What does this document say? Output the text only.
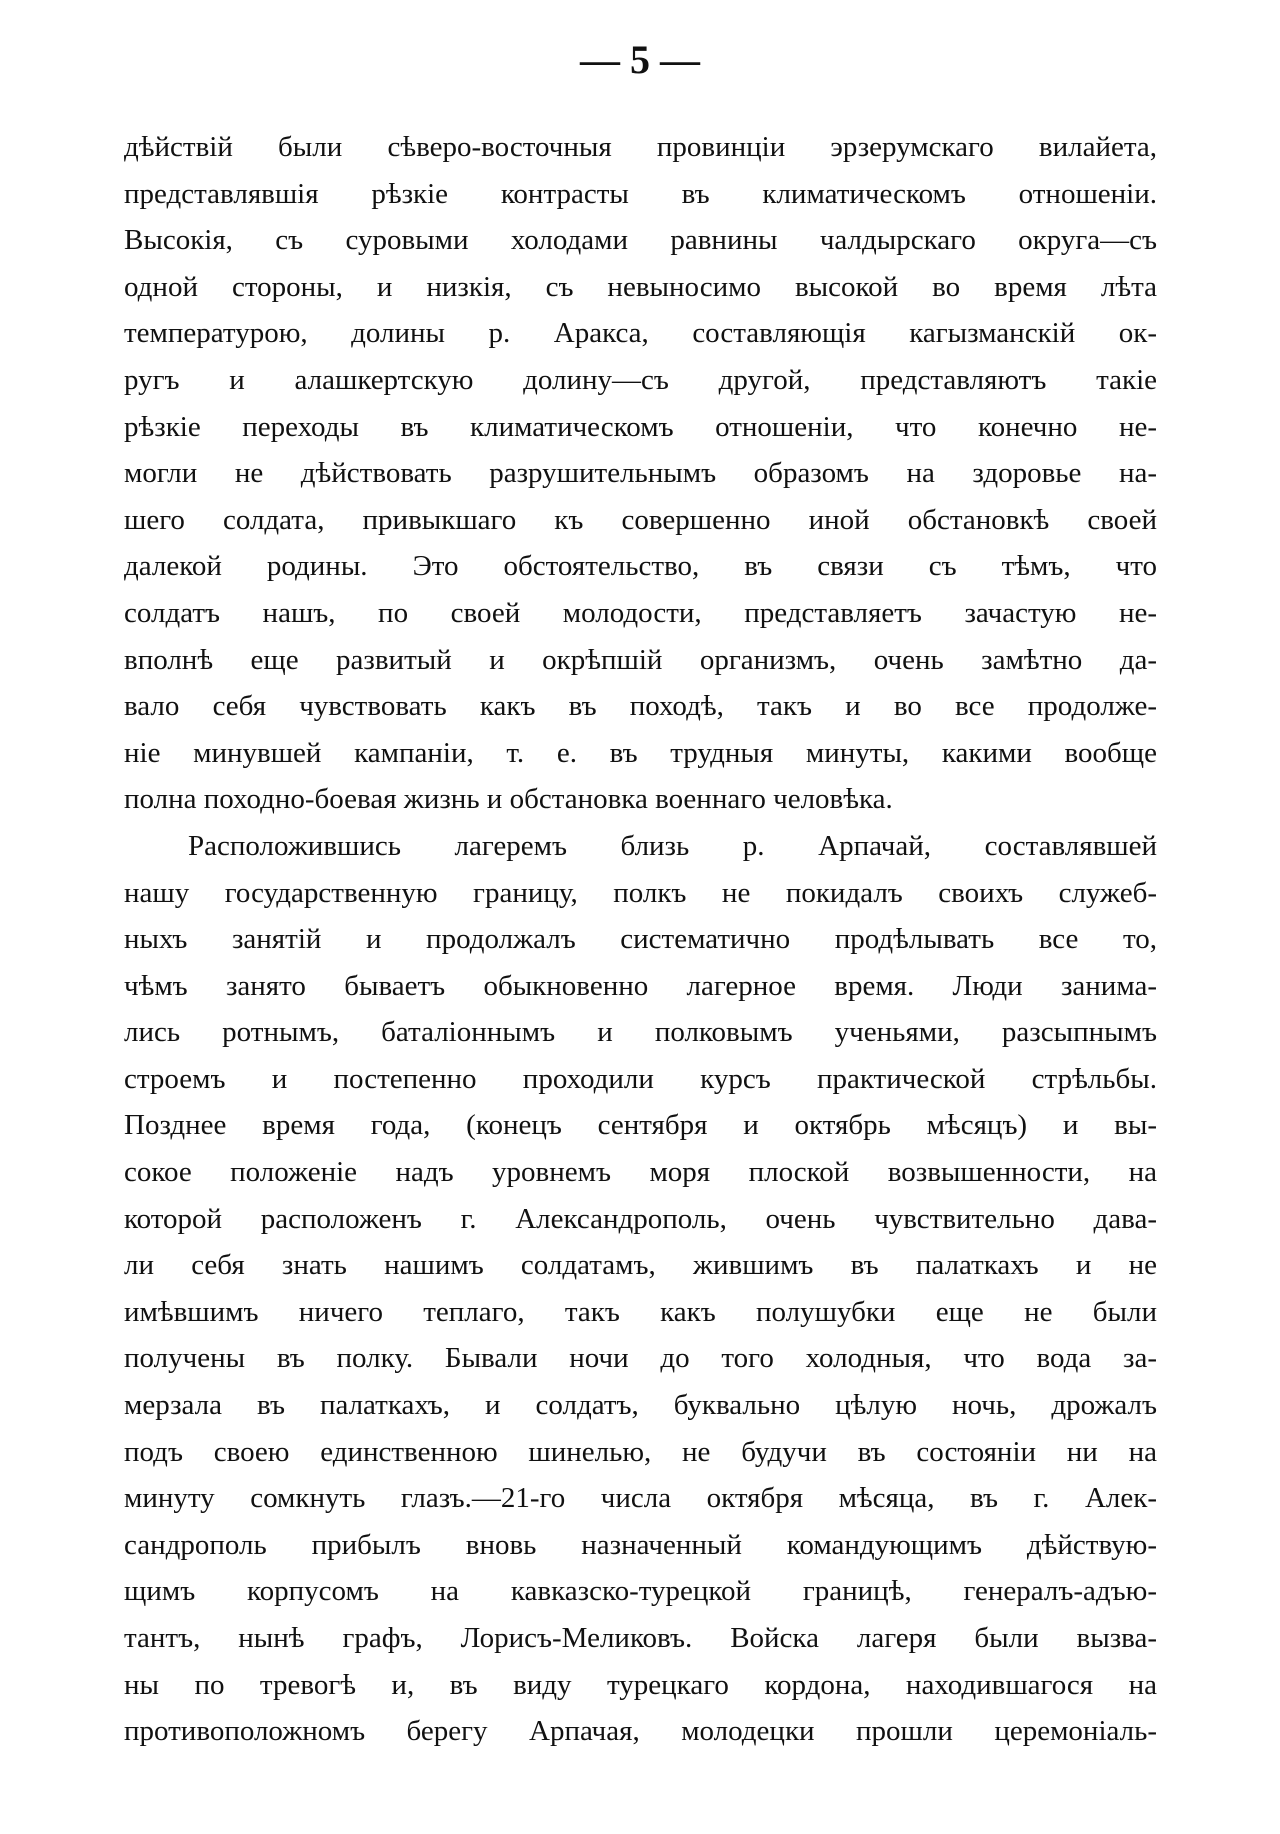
— 5 —
дѣйствій были сѣверо-восточныя провинціи эрзерумскаго вилайета,
представлявшія рѣзкіе контрасты въ климатическомъ отношеніи.
Высокія, съ суровыми холодами равнины чалдырскаго округа—съ
одной стороны, и низкія, съ невыносимо высокой во время лѣта
температурою, долины р. Аракса, составляющія кагызманскій ок-
ругъ и алашкертскую долину—съ другой, представляютъ такіе
рѣзкіе переходы въ климатическомъ отношеніи, что конечно не-
могли не дѣйствовать разрушительнымъ образомъ на здоровье на-
шего солдата, привыкшаго къ совершенно иной обстановкѣ своей
далекой родины. Это обстоятельство, въ связи съ тѣмъ, что
солдатъ нашъ, по своей молодости, представляетъ зачастую не-
вполнѣ еще развитый и окрѣпшій организмъ, очень замѣтно да-
вало себя чувствовать какъ въ походѣ, такъ и во все продолже-
ніе минувшей кампаніи, т. е. въ трудныя минуты, какими вообще
полна походно-боевая жизнь и обстановка военнаго человѣка.
Расположившись лагеремъ близь р. Арпачай, составлявшей
нашу государственную границу, полкъ не покидалъ своихъ служеб-
ныхъ занятій и продолжалъ систематично продѣлывать все то,
чѣмъ занято бываетъ обыкновенно лагерное время. Люди занима-
лись ротнымъ, баталіоннымъ и полковымъ ученьями, разсыпнымъ
строемъ и постепенно проходили курсъ практической стрѣльбы.
Позднее время года, (конецъ сентября и октябрь мѣсяцъ) и вы-
сокое положеніе надъ уровнемъ моря плоской возвышенности, на
которой расположенъ г. Александрополь, очень чувствительно дава-
ли себя знать нашимъ солдатамъ, жившимъ въ палаткахъ и не
имѣвшимъ ничего теплаго, такъ какъ полушубки еще не были
получены въ полку. Бывали ночи до того холодныя, что вода за-
мерзала въ палаткахъ, и солдатъ, буквально цѣлую ночь, дрожалъ
подъ своею единственною шинелью, не будучи въ состояніи ни на
минуту сомкнуть глазъ.—21-го числа октября мѣсяца, въ г. Алек-
сандрополь прибылъ вновь назначенный командующимъ дѣйствую-
щимъ корпусомъ на кавказско-турецкой границѣ, генералъ-адъю-
тантъ, нынѣ графъ, Лорисъ-Меликовъ. Войска лагеря были вызва-
ны по тревогѣ и, въ виду турецкаго кордона, находившагося на
противоположномъ берегу Арпачая, молодецки прошли церемоніаль-
